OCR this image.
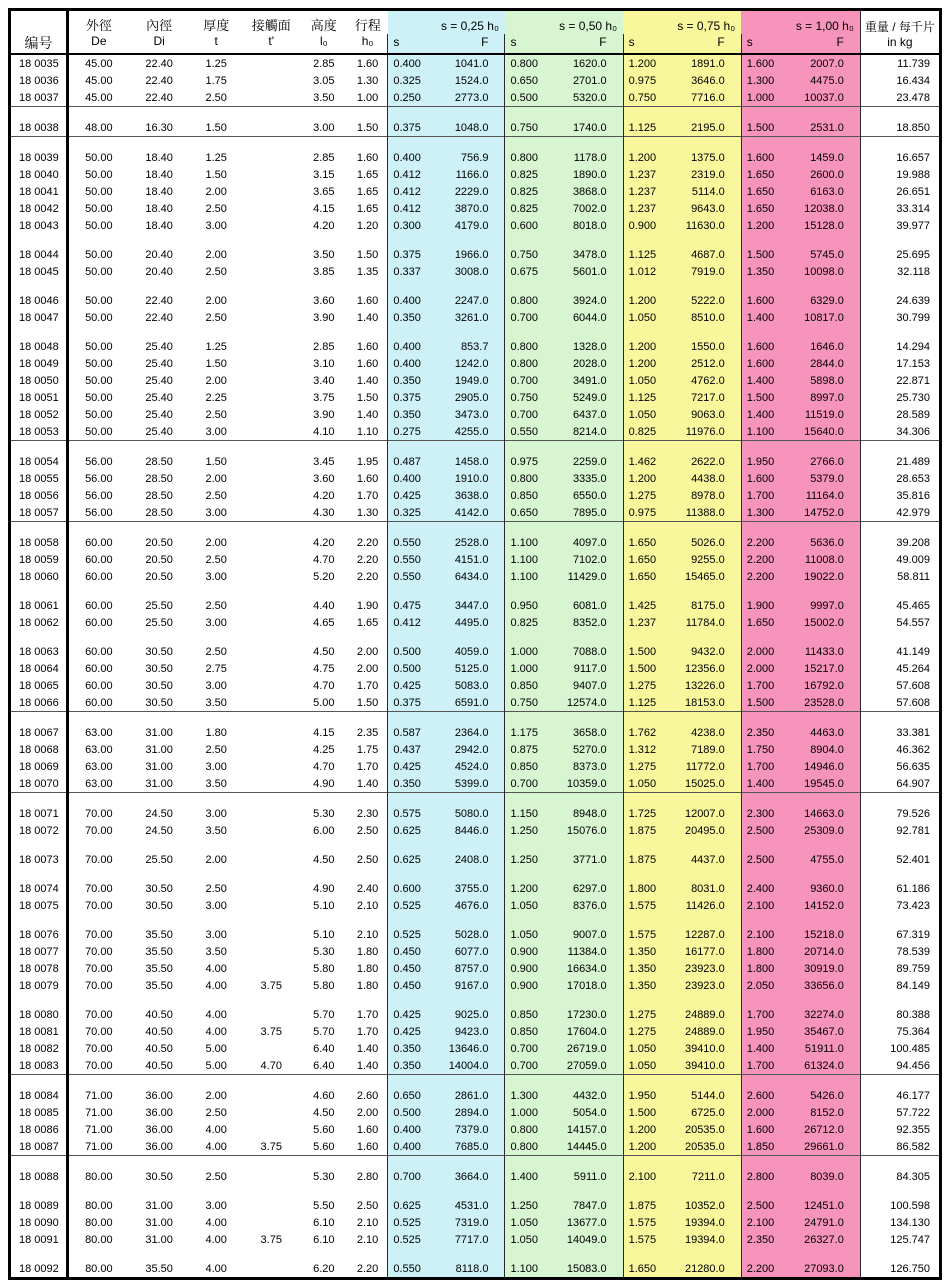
编号	外徑	內徑	厚度	接觸面	高度	行程	s = 0,25 h₀		s = 0,50 h₀		s = 0,75 h₀		s = 1,00 h₀		重量 / 每千片
in kg

	De	Di	t	t'	l₀	h₀	s	F	s	F	s	F	s	F	
18 0035	45.00	22.40	1.25		2.85	1.60	0.400	1041.0	0.800	1620.0	1.200	1891.0	1.600	2007.0	11.739
18 0036	45.00	22.40	1.75		3.05	1.30	0.325	1524.0	0.650	2701.0	0.975	3646.0	1.300	4475.0	16.434
18 0037	45.00	22.40	2.50		3.50	1.00	0.250	2773.0	0.500	5320.0	0.750	7716.0	1.000	10037.0	23.478
18 0038	48.00	16.30	1.50		3.00	1.50	0.375	1048.0	0.750	1740.0	1.125	2195.0	1.500	2531.0	18.850
18 0039	50.00	18.40	1.25		2.85	1.60	0.400	756.9	0.800	1178.0	1.200	1375.0	1.600	1459.0	16.657
18 0040	50.00	18.40	1.50		3.15	1.65	0.412	1166.0	0.825	1890.0	1.237	2319.0	1.650	2600.0	19.988
18 0041	50.00	18.40	2.00		3.65	1.65	0.412	2229.0	0.825	3868.0	1.237	5114.0	1.650	6163.0	26.651
18 0042	50.00	18.40	2.50		4.15	1.65	0.412	3870.0	0.825	7002.0	1.237	9643.0	1.650	12038.0	33.314
18 0043	50.00	18.40	3.00		4.20	1.20	0.300	4179.0	0.600	8018.0	0.900	11630.0	1.200	15128.0	39.977
18 0044	50.00	20.40	2.00		3.50	1.50	0.375	1966.0	0.750	3478.0	1.125	4687.0	1.500	5745.0	25.695
18 0045	50.00	20.40	2.50		3.85	1.35	0.337	3008.0	0.675	5601.0	1.012	7919.0	1.350	10098.0	32.118
18 0046	50.00	22.40	2.00		3.60	1.60	0.400	2247.0	0.800	3924.0	1.200	5222.0	1.600	6329.0	24.639
18 0047	50.00	22.40	2.50		3.90	1.40	0.350	3261.0	0.700	6044.0	1.050	8510.0	1.400	10817.0	30.799
18 0048	50.00	25.40	1.25		2.85	1.60	0.400	853.7	0.800	1328.0	1.200	1550.0	1.600	1646.0	14.294
18 0049	50.00	25.40	1.50		3.10	1.60	0.400	1242.0	0.800	2028.0	1.200	2512.0	1.600	2844.0	17.153
18 0050	50.00	25.40	2.00		3.40	1.40	0.350	1949.0	0.700	3491.0	1.050	4762.0	1.400	5898.0	22.871
18 0051	50.00	25.40	2.25		3.75	1.50	0.375	2905.0	0.750	5249.0	1.125	7217.0	1.500	8997.0	25.730
18 0052	50.00	25.40	2.50		3.90	1.40	0.350	3473.0	0.700	6437.0	1.050	9063.0	1.400	11519.0	28.589
18 0053	50.00	25.40	3.00		4.10	1.10	0.275	4255.0	0.550	8214.0	0.825	11976.0	1.100	15640.0	34.306
18 0054	56.00	28.50	1.50		3.45	1.95	0.487	1458.0	0.975	2259.0	1.462	2622.0	1.950	2766.0	21.489
18 0055	56.00	28.50	2.00		3.60	1.60	0.400	1910.0	0.800	3335.0	1.200	4438.0	1.600	5379.0	28.653
18 0056	56.00	28.50	2.50		4.20	1.70	0.425	3638.0	0.850	6550.0	1.275	8978.0	1.700	11164.0	35.816
18 0057	56.00	28.50	3.00		4.30	1.30	0.325	4142.0	0.650	7895.0	0.975	11388.0	1.300	14752.0	42.979
18 0058	60.00	20.50	2.00		4.20	2.20	0.550	2528.0	1.100	4097.0	1.650	5026.0	2.200	5636.0	39.208
18 0059	60.00	20.50	2.50		4.70	2.20	0.550	4151.0	1.100	7102.0	1.650	9255.0	2.200	11008.0	49.009
18 0060	60.00	20.50	3.00		5.20	2.20	0.550	6434.0	1.100	11429.0	1.650	15465.0	2.200	19022.0	58.811
18 0061	60.00	25.50	2.50		4.40	1.90	0.475	3447.0	0.950	6081.0	1.425	8175.0	1.900	9997.0	45.465
18 0062	60.00	25.50	3.00		4.65	1.65	0.412	4495.0	0.825	8352.0	1.237	11784.0	1.650	15002.0	54.557
18 0063	60.00	30.50	2.50		4.50	2.00	0.500	4059.0	1.000	7088.0	1.500	9432.0	2.000	11433.0	41.149
18 0064	60.00	30.50	2.75		4.75	2.00	0.500	5125.0	1.000	9117.0	1.500	12356.0	2.000	15217.0	45.264
18 0065	60.00	30.50	3.00		4.70	1.70	0.425	5083.0	0.850	9407.0	1.275	13226.0	1.700	16792.0	57.608
18 0066	60.00	30.50	3.50		5.00	1.50	0.375	6591.0	0.750	12574.0	1.125	18153.0	1.500	23528.0	57.608
18 0067	63.00	31.00	1.80		4.15	2.35	0.587	2364.0	1.175	3658.0	1.762	4238.0	2.350	4463.0	33.381
18 0068	63.00	31.00	2.50		4.25	1.75	0.437	2942.0	0.875	5270.0	1.312	7189.0	1.750	8904.0	46.362
18 0069	63.00	31.00	3.00		4.70	1.70	0.425	4524.0	0.850	8373.0	1.275	11772.0	1.700	14946.0	56.635
18 0070	63.00	31.00	3.50		4.90	1.40	0.350	5399.0	0.700	10359.0	1.050	15025.0	1.400	19545.0	64.907
18 0071	70.00	24.50	3.00		5.30	2.30	0.575	5080.0	1.150	8948.0	1.725	12007.0	2.300	14663.0	79.526
18 0072	70.00	24.50	3.50		6.00	2.50	0.625	8446.0	1.250	15076.0	1.875	20495.0	2.500	25309.0	92.781
18 0073	70.00	25.50	2.00		4.50	2.50	0.625	2408.0	1.250	3771.0	1.875	4437.0	2.500	4755.0	52.401
18 0074	70.00	30.50	2.50		4.90	2.40	0.600	3755.0	1.200	6297.0	1.800	8031.0	2.400	9360.0	61.186
18 0075	70.00	30.50	3.00		5.10	2.10	0.525	4676.0	1.050	8376.0	1.575	11426.0	2.100	14152.0	73.423
18 0076	70.00	35.50	3.00		5.10	2.10	0.525	5028.0	1.050	9007.0	1.575	12287.0	2.100	15218.0	67.319
18 0077	70.00	35.50	3.50		5.30	1.80	0.450	6077.0	0.900	11384.0	1.350	16177.0	1.800	20714.0	78.539
18 0078	70.00	35.50	4.00		5.80	1.80	0.450	8757.0	0.900	16634.0	1.350	23923.0	1.800	30919.0	89.759
18 0079	70.00	35.50	4.00	3.75	5.80	1.80	0.450	9167.0	0.900	17018.0	1.350	23923.0	2.050	33656.0	84.149
18 0080	70.00	40.50	4.00		5.70	1.70	0.425	9025.0	0.850	17230.0	1.275	24889.0	1.700	32274.0	80.388
18 0081	70.00	40.50	4.00	3.75	5.70	1.70	0.425	9423.0	0.850	17604.0	1.275	24889.0	1.950	35467.0	75.364
18 0082	70.00	40.50	5.00		6.40	1.40	0.350	13646.0	0.700	26719.0	1.050	39410.0	1.400	51911.0	100.485
18 0083	70.00	40.50	5.00	4.70	6.40	1.40	0.350	14004.0	0.700	27059.0	1.050	39410.0	1.700	61324.0	94.456
18 0084	71.00	36.00	2.00		4.60	2.60	0.650	2861.0	1.300	4432.0	1.950	5144.0	2.600	5426.0	46.177
18 0085	71.00	36.00	2.50		4.50	2.00	0.500	2894.0	1.000	5054.0	1.500	6725.0	2.000	8152.0	57.722
18 0086	71.00	36.00	4.00		5.60	1.60	0.400	7379.0	0.800	14157.0	1.200	20535.0	1.600	26712.0	92.355
18 0087	71.00	36.00	4.00	3.75	5.60	1.60	0.400	7685.0	0.800	14445.0	1.200	20535.0	1.850	29661.0	86.582
18 0088	80.00	30.50	2.50		5.30	2.80	0.700	3664.0	1.400	5911.0	2.100	7211.0	2.800	8039.0	84.305
18 0089	80.00	31.00	3.00		5.50	2.50	0.625	4531.0	1.250	7847.0	1.875	10352.0	2.500	12451.0	100.598
18 0090	80.00	31.00	4.00		6.10	2.10	0.525	7319.0	1.050	13677.0	1.575	19394.0	2.100	24791.0	134.130
18 0091	80.00	31.00	4.00	3.75	6.10	2.10	0.525	7717.0	1.050	14049.0	1.575	19394.0	2.350	26327.0	125.747
18 0092	80.00	35.50	4.00		6.20	2.20	0.550	8118.0	1.100	15083.0	1.650	21280.0	2.200	27093.0	126.750
